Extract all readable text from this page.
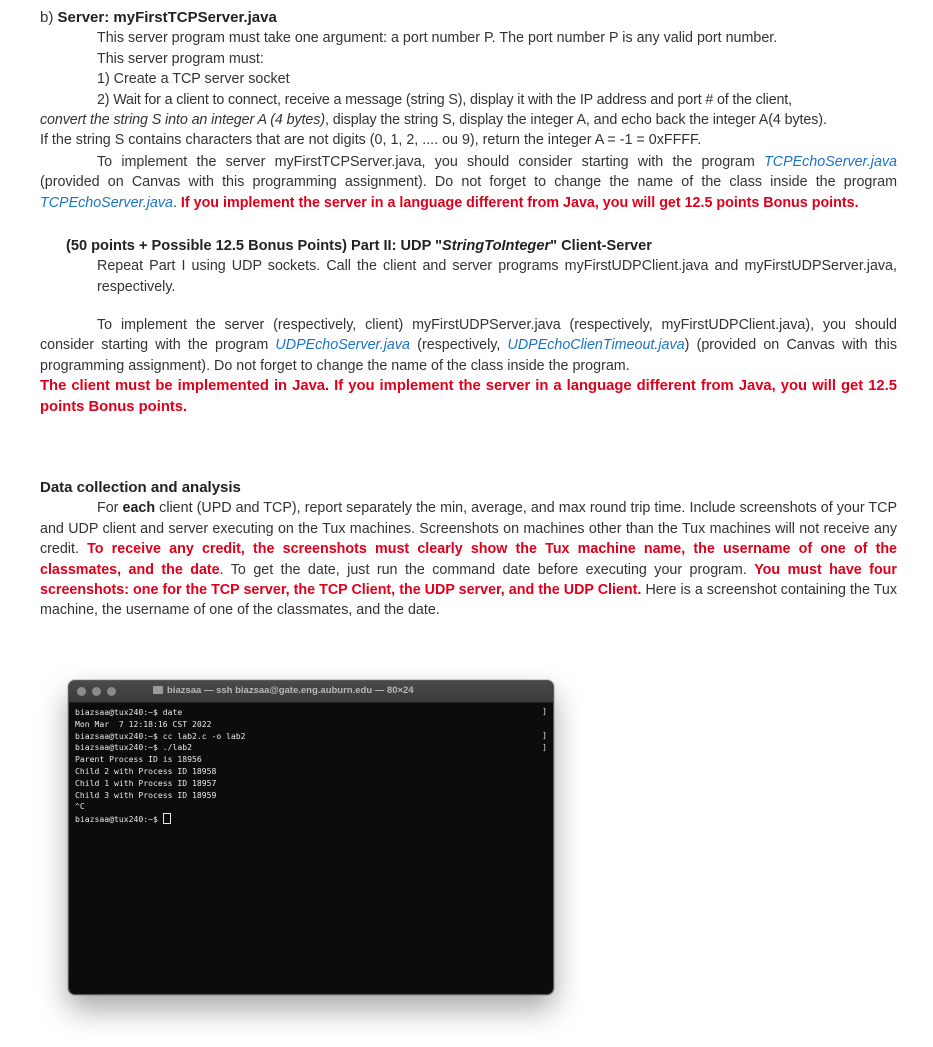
b) Server: myFirstTCPServer.java

This server program must take one argument: a port number P. The port number P is any valid port number.

This server program must:

1) Create a TCP server socket

2) Wait for a client to connect, receive a message (string S), display it with the IP address and port # of the client,

convert the string S into an integer A (4 bytes), display the string S, display the integer A, and echo back the integer A(4 bytes).

If the string S contains characters that are not digits (0, 1, 2, .... ou 9), return the integer A = -1 = 0xFFFF.

To implement the server myFirstTCPServer.java, you should consider starting with the program TCPEchoServer.java (provided on Canvas with this programming assignment). Do not forget to change the name of the class inside the program TCPEchoServer.java. If you implement the server in a language different from Java, you will get 12.5 points Bonus points.

(50 points + Possible 12.5 Bonus Points) Part II: UDP "StringToInteger" Client-Server

Repeat Part I using UDP sockets. Call the client and server programs myFirstUDPClient.java and myFirstUDPServer.java, respectively.

To implement the server (respectively, client) myFirstUDPServer.java (respectively, myFirstUDPClient.java), you should consider starting with the program UDPEchoServer.java (respectively, UDPEchoClienTimeout.java) (provided on Canvas with this programming assignment). Do not forget to change the name of the class inside the program.

The client must be implemented in Java. If you implement the server in a language different from Java, you will get 12.5 points Bonus points.

Data collection and analysis

For each client (UPD and TCP), report separately the min, average, and max round trip time. Include screenshots of your TCP and UDP client and server executing on the Tux machines. Screenshots on machines other than the Tux machines will not receive any credit. To receive any credit, the screenshots must clearly show the Tux machine name, the username of one of the classmates, and the date. To get the date, just run the command date before executing your program. You must have four screenshots: one for the TCP server, the TCP Client, the UDP server, and the UDP Client. Here is a screenshot containing the Tux machine, the username of one of the classmates, and the date.

biazsaa — ssh biazsaa@gate.eng.auburn.edu — 80×24
biazsaa@tux240:~$ date
Mon Mar  7 12:18:16 CST 2022
biazsaa@tux240:~$ cc lab2.c -o lab2
biazsaa@tux240:~$ ./lab2
Parent Process ID is 18956
Child 2 with Process ID 18958
Child 1 with Process ID 18957
Child 3 with Process ID 18959
^C
biazsaa@tux240:~$
]
]
]
